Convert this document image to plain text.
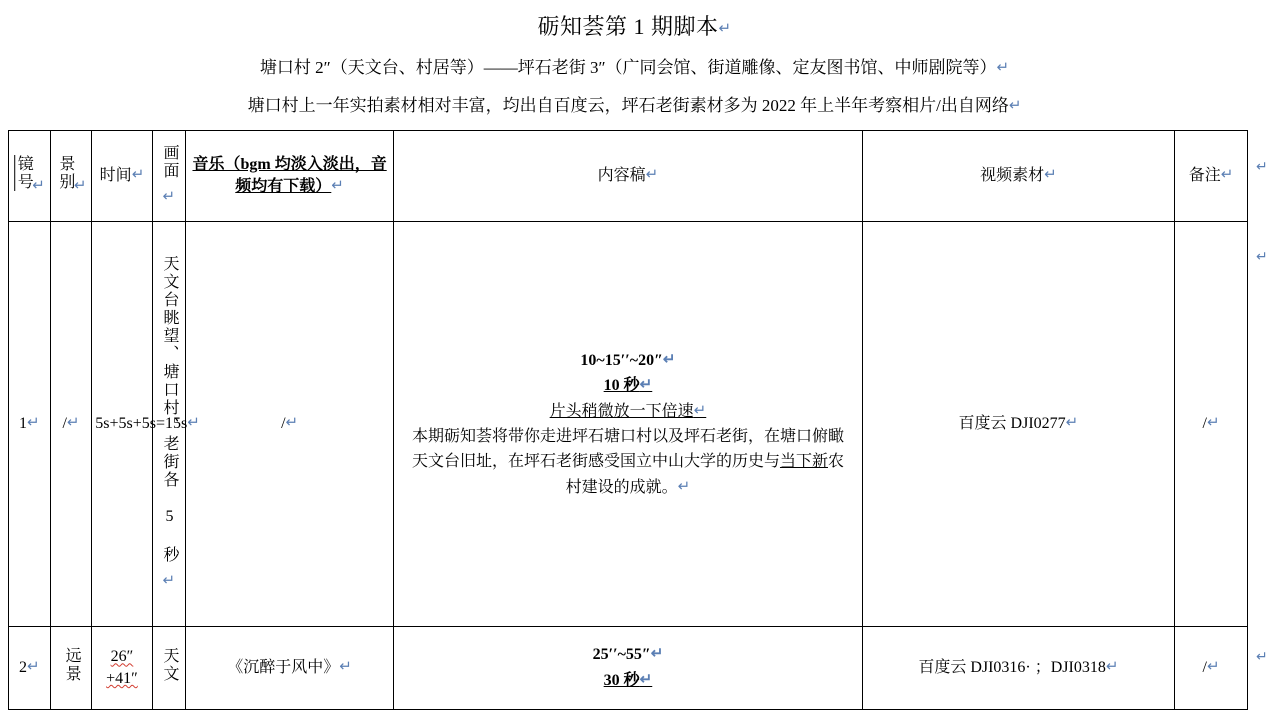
砺知荟第 1 期脚本↵

塘口村 2″（天文台、村居等）——坪石老街 3″（广同会馆、街道雕像、定友图书馆、中师剧院等）↵

塘口村上一年实拍素材相对丰富，均出自百度云，坪石老街素材多为 2022 年上半年考察相片/出自网络↵

镜号↵	景别↵	时间↵	画面↵	音乐（bgm 均淡入淡出，音频均有下载）↵	内容稿↵	视频素材↵	备注↵
1↵	/↵	5s+5s+5s=15s↵	天文台眺望、塘口村、老街各 5 秒↵	/↵	10~15′′~20″↵
10 秒↵
片头稍微放一下倍速↵
本期砺知荟将带你走进坪石塘口村以及坪石老街，在塘口俯瞰天文台旧址，在坪石老街感受国立中山大学的历史与当下新农村建设的成就。↵	百度云 DJI0277↵	/↵
2↵	远景	26″+41″	天文	《沉醉于风中》↵	25′′~55″↵
30 秒↵	百度云 DJI0316· ；DJI0318↵	/↵
↵
↵
↵
